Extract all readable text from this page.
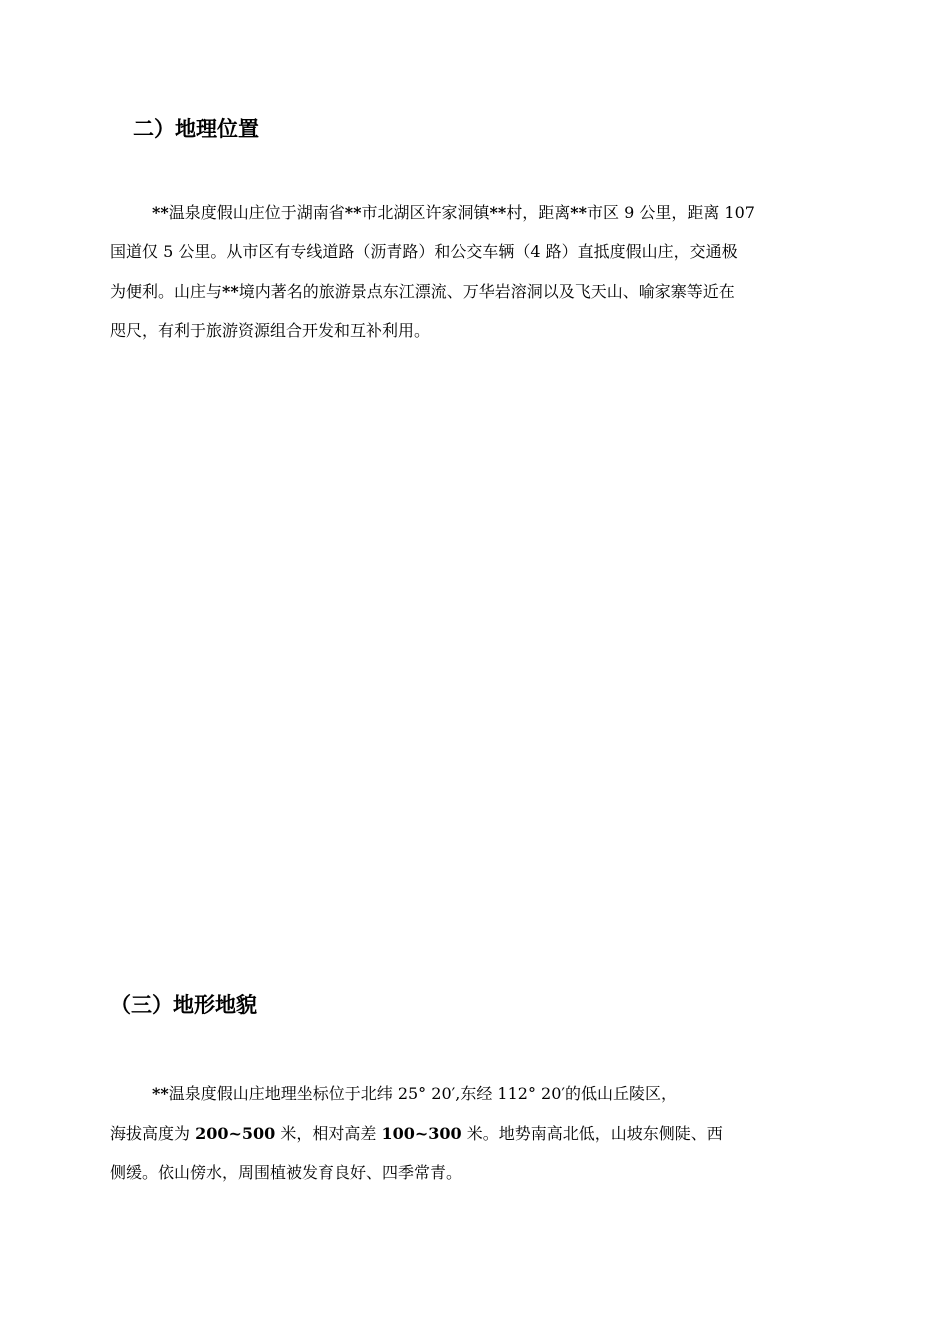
二）地理位置
**温泉度假山庄位于湖南省**市北湖区许家洞镇**村，距离**市区 9 公里，距离 107
国道仅 5 公里。从市区有专线道路（沥青路）和公交车辆（4 路）直抵度假山庄，交通极
为便利。山庄与**境内著名的旅游景点东江漂流、万华岩溶洞以及飞天山、喻家寨等近在
咫尺，有利于旅游资源组合开发和互补利用。
（三）地形地貌
**温泉度假山庄地理坐标位于北纬 25° 20′,东经 112° 20′的低山丘陵区，
海拔高度为 200~500 米，相对高差 100~300 米。地势南高北低，山坡东侧陡、西
侧缓。依山傍水，周围植被发育良好、四季常青。
